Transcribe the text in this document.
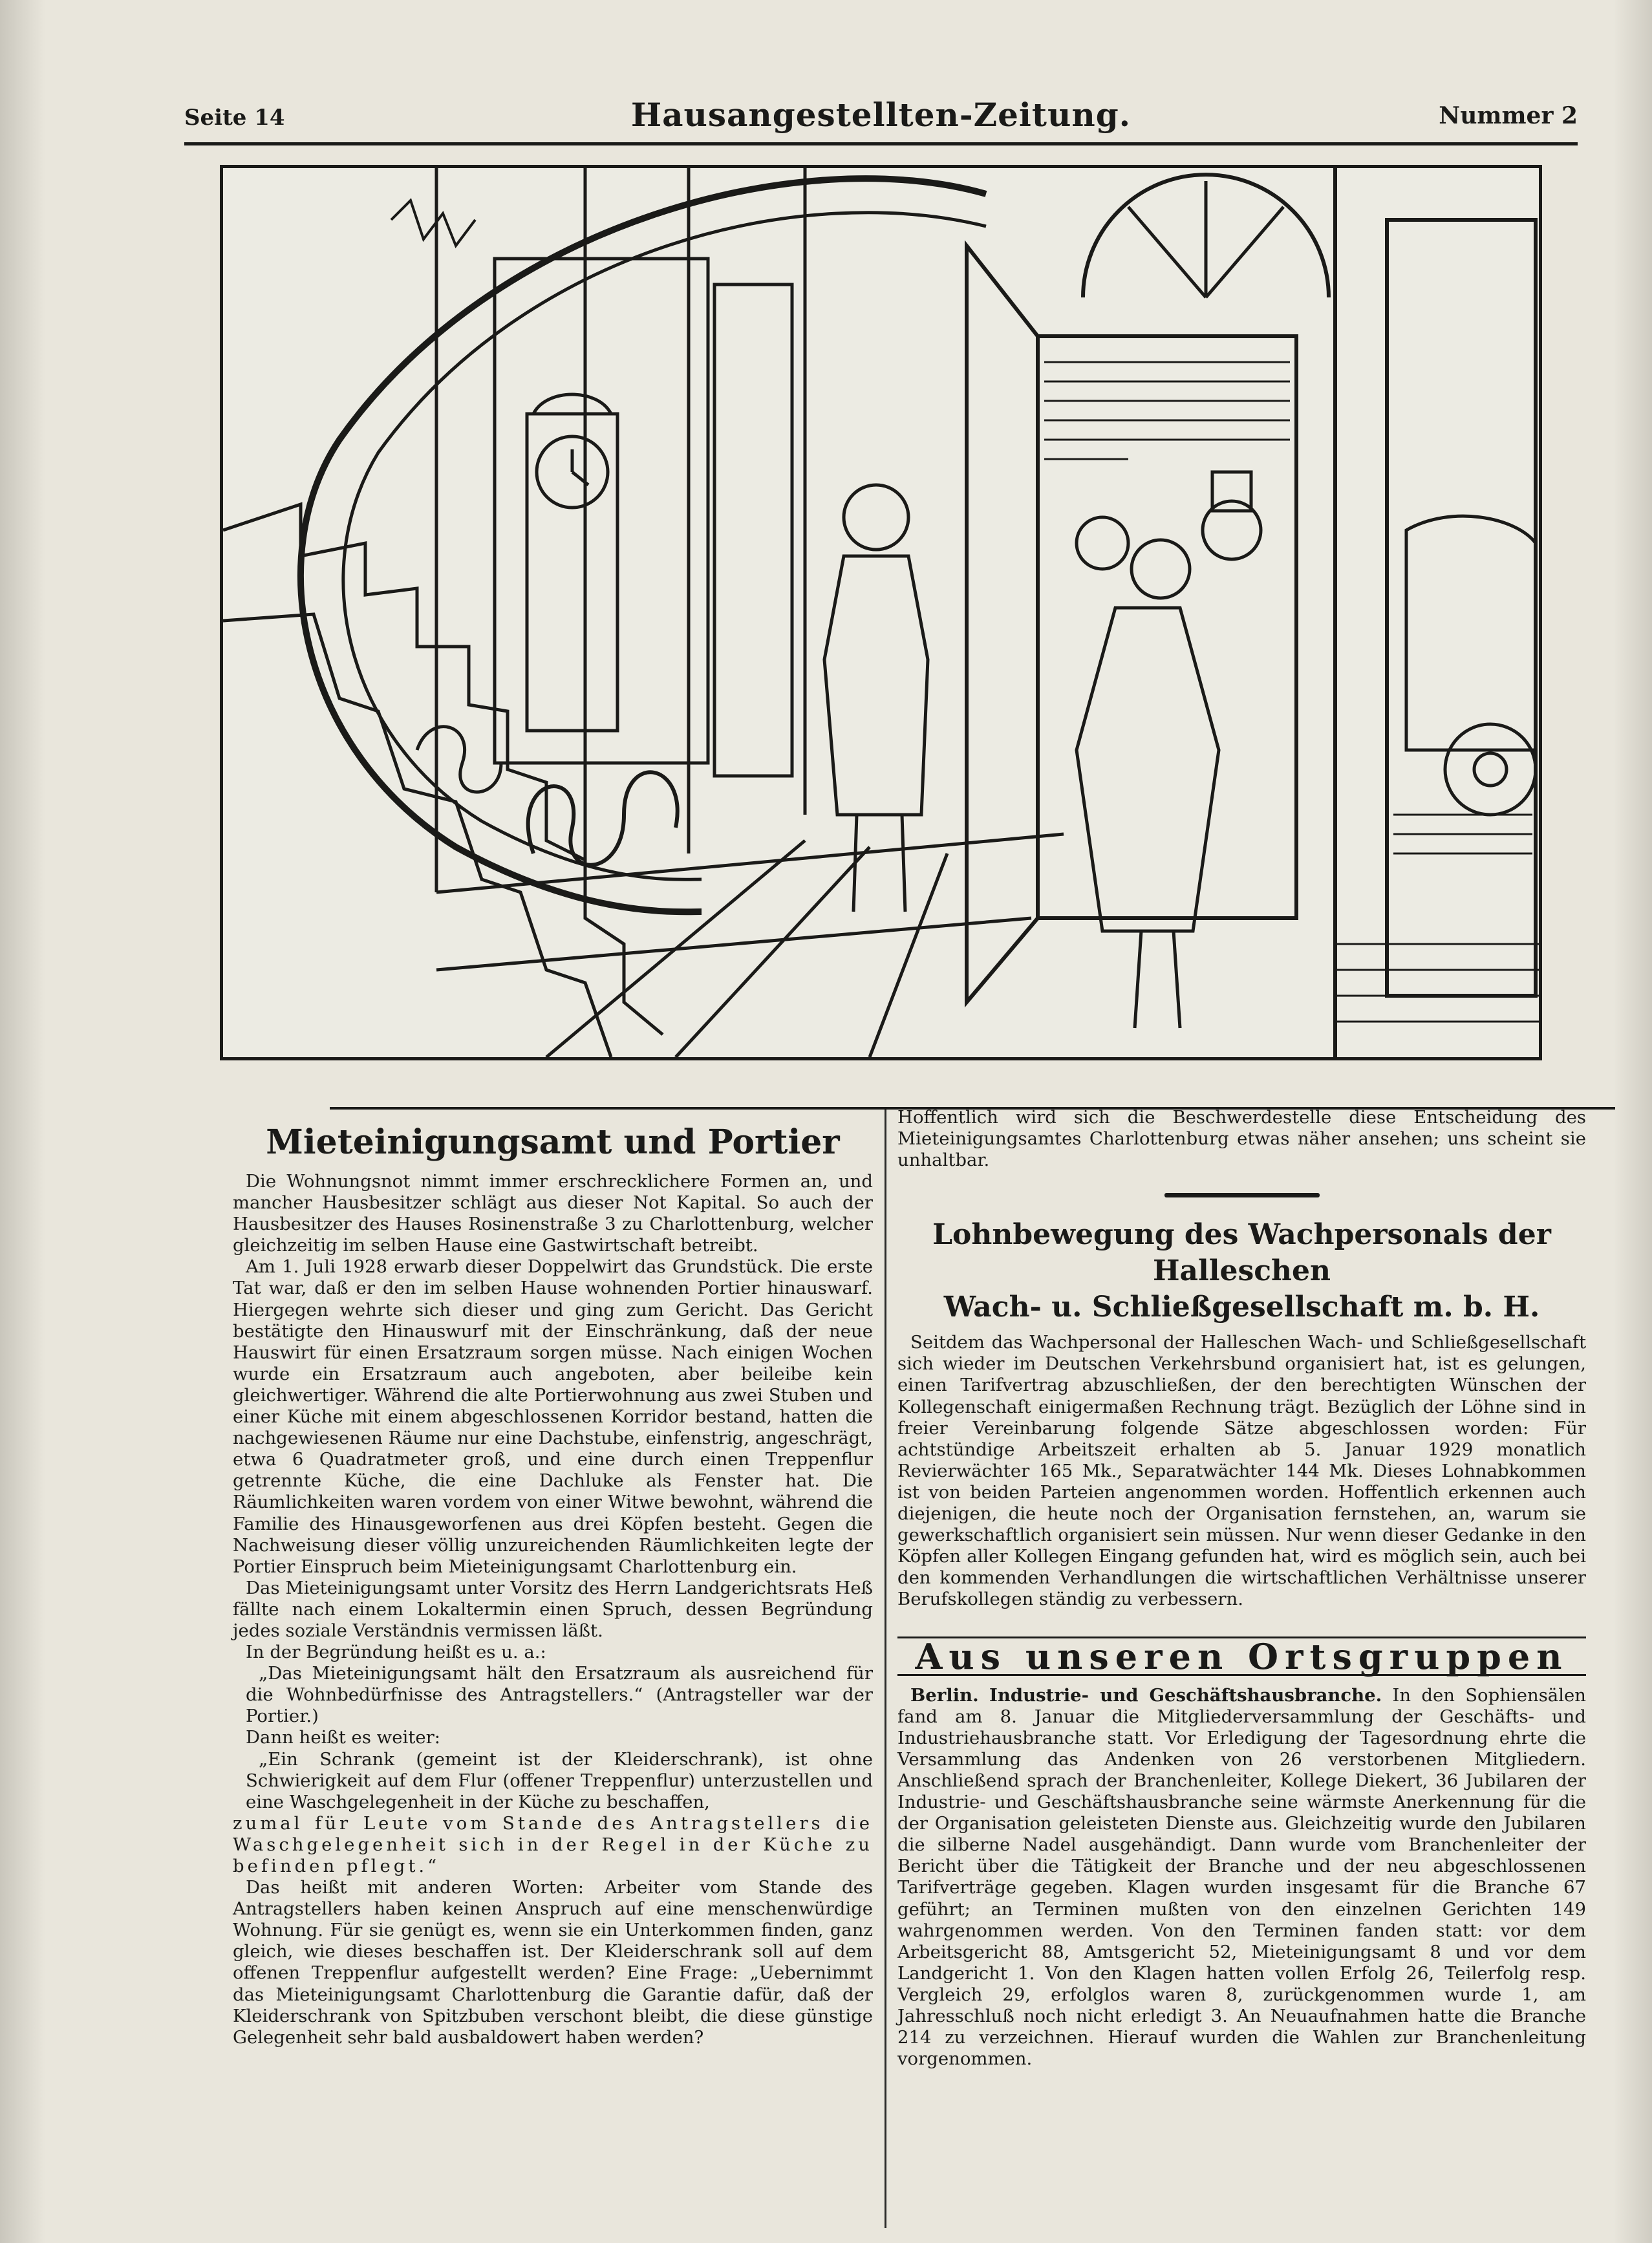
Seite 14	Hausangestellten-Zeitung.	Nummer 2
Mieteinigungsamt und Portier

Die Wohnungsnot nimmt immer erschrecklichere Formen an, und mancher Hausbesitzer schlägt aus dieser Not Kapital. So auch der Hausbesitzer des Hauses Rosinenstraße 3 zu Charlottenburg, welcher gleichzeitig im selben Hause eine Gastwirtschaft betreibt.

Am 1. Juli 1928 erwarb dieser Doppelwirt das Grundstück. Die erste Tat war, daß er den im selben Hause wohnenden Portier hinauswarf. Hiergegen wehrte sich dieser und ging zum Gericht. Das Gericht bestätigte den Hinauswurf mit der Einschränkung, daß der neue Hauswirt für einen Ersatzraum sorgen müsse. Nach einigen Wochen wurde ein Ersatzraum auch angeboten, aber beileibe kein gleichwertiger. Während die alte Portierwohnung aus zwei Stuben und einer Küche mit einem abgeschlossenen Korridor bestand, hatten die nachgewiesenen Räume nur eine Dachstube, einfenstrig, angeschrägt, etwa 6 Quadratmeter groß, und eine durch einen Treppenflur getrennte Küche, die eine Dachluke als Fenster hat. Die Räumlichkeiten waren vordem von einer Witwe bewohnt, während die Familie des Hinausgeworfenen aus drei Köpfen besteht. Gegen die Nachweisung dieser völlig unzureichenden Räumlichkeiten legte der Portier Einspruch beim Mieteinigungsamt Charlottenburg ein.

Das Mieteinigungsamt unter Vorsitz des Herrn Landgerichtsrats Heß fällte nach einem Lokaltermin einen Spruch, dessen Begründung jedes soziale Verständnis vermissen läßt.

In der Begründung heißt es u. a.:

„Das Mieteinigungsamt hält den Ersatzraum als ausreichend für die Wohnbedürfnisse des Antragstellers.“ (Antragsteller war der Portier.)

Dann heißt es weiter:

„Ein Schrank (gemeint ist der Kleiderschrank), ist ohne Schwierigkeit auf dem Flur (offener Treppenflur) unterzustellen und eine Waschgelegenheit in der Küche zu beschaffen,

zumal für Leute vom Stande des Antragstellers die Waschgelegenheit sich in der Regel in der Küche zu befinden pflegt.“

Das heißt mit anderen Worten: Arbeiter vom Stande des Antragstellers haben keinen Anspruch auf eine menschenwürdige Wohnung. Für sie genügt es, wenn sie ein Unterkommen finden, ganz gleich, wie dieses beschaffen ist. Der Kleiderschrank soll auf dem offenen Treppenflur aufgestellt werden? Eine Frage: „Uebernimmt das Mieteinigungsamt Charlottenburg die Garantie dafür, daß der Kleiderschrank von Spitzbuben verschont bleibt, die diese günstige Gelegenheit sehr bald ausbaldowert haben werden?

Hoffentlich wird sich die Beschwerdestelle diese Entscheidung des Mieteinigungsamtes Charlottenburg etwas näher ansehen; uns scheint sie unhaltbar.

Lohnbewegung des Wachpersonals der Halleschen
Wach- u. Schließgesellschaft m. b. H.

Seitdem das Wachpersonal der Halleschen Wach- und Schließgesellschaft sich wieder im Deutschen Verkehrsbund organisiert hat, ist es gelungen, einen Tarifvertrag abzuschließen, der den berechtigten Wünschen der Kollegenschaft einigermaßen Rechnung trägt. Bezüglich der Löhne sind in freier Vereinbarung folgende Sätze abgeschlossen worden: Für achtstündige Arbeitszeit erhalten ab 5. Januar 1929 monatlich Revierwächter 165 Mk., Separatwächter 144 Mk. Dieses Lohnabkommen ist von beiden Parteien angenommen worden. Hoffentlich erkennen auch diejenigen, die heute noch der Organisation fernstehen, an, warum sie gewerkschaftlich organisiert sein müssen. Nur wenn dieser Gedanke in den Köpfen aller Kollegen Eingang gefunden hat, wird es möglich sein, auch bei den kommenden Verhandlungen die wirtschaftlichen Verhältnisse unserer Berufskollegen ständig zu verbessern.

Aus unseren Ortsgruppen

Berlin. Industrie- und Geschäftshausbranche. In den Sophiensälen fand am 8. Januar die Mitgliederversammlung der Geschäfts- und Industriehausbranche statt. Vor Erledigung der Tagesordnung ehrte die Versammlung das Andenken von 26 verstorbenen Mitgliedern. Anschließend sprach der Branchenleiter, Kollege Diekert, 36 Jubilaren der Industrie- und Geschäftshausbranche seine wärmste Anerkennung für die der Organisation geleisteten Dienste aus. Gleichzeitig wurde den Jubilaren die silberne Nadel ausgehändigt. Dann wurde vom Branchenleiter der Bericht über die Tätigkeit der Branche und der neu abgeschlossenen Tarifverträge gegeben. Klagen wurden insgesamt für die Branche 67 geführt; an Terminen mußten von den einzelnen Gerichten 149 wahrgenommen werden. Von den Terminen fanden statt: vor dem Arbeitsgericht 88, Amtsgericht 52, Mieteinigungsamt 8 und vor dem Landgericht 1. Von den Klagen hatten vollen Erfolg 26, Teilerfolg resp. Vergleich 29, erfolglos waren 8, zurückgenommen wurde 1, am Jahresschluß noch nicht erledigt 3. An Neuaufnahmen hatte die Branche 214 zu verzeichnen. Hierauf wurden die Wahlen zur Branchenleitung vorgenommen.
